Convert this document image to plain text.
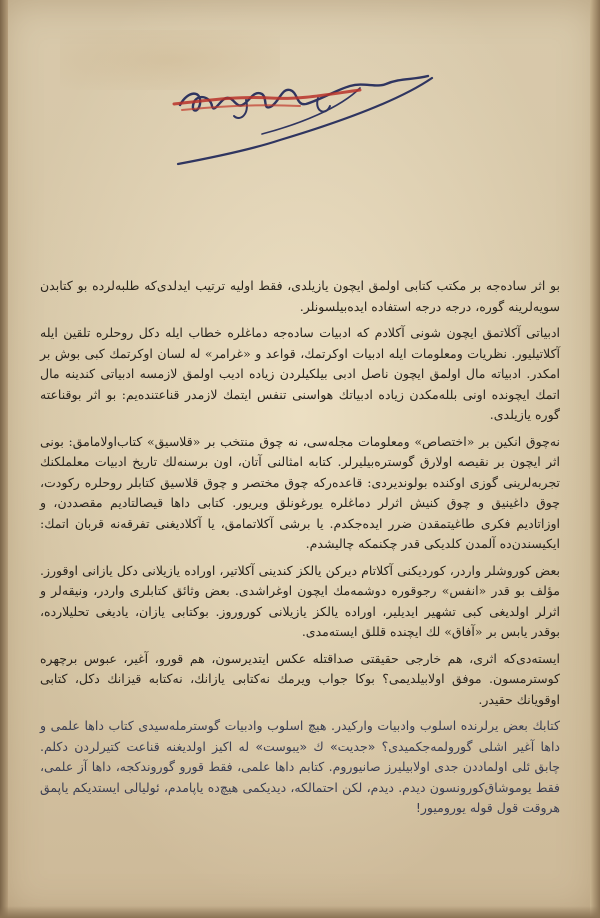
بو اثر ساده‌جه بر مکتب کتابی اولمق ایچون یازیلدی، فقط اولیه ترتیب ایدلدی‌که طلبه‌لرده بو کتابدن سویه‌لرینه گوره، درجه درجه استفاده ایده‌بیلسونلر.

ادبیاتی آکلاتمق ایچون شونی آکلادم که ادبیات ساده‌جه دماغلره خطاب ایله دکل روحلره تلقین ایله آکلاتیلیور. نظریات ومعلومات ایله ادبیات اوکرتمك، قواعد و «غرامر» له لسان اوکرتمك کبی بوش بر امکدر. ادبیاته مال اولمق ایچون ناصل ادبی بیلکیلردن زیاده ادیب اولمق لازمسه ادبیاتی کندینه مال اتمك ایچونده اونی بلله‌مکدن زیاده ادبیاتك هواسنی تنفس ایتمك لازمدر قناعتنده‌یم: بو اثر بوقناعته گوره یازیلدی.

نه‌چوق انکین بر «اختصاص» ومعلومات مجله‌سی، نه چوق منتخب بر «قلاسیق» کتاب‌اولامامق: بونی اثر ایچون بر نقیصه اولارق گوستره‌بیلیرلر. کتابه امثالنی آتان، اون برسنه‌لك تاریخ ادبیات معلملکنك تجربه‌لرینی گوزی اوکنده بولوندیردی: قاعده‌رکه چوق مختصر و چوق قلاسیق کتابلر روحلره رکودت، چوق داغینیق و چوق کنیش اثرلر دماغلره یورغونلق ویریور. کتابی داها قیصالتادیم مقصددن، و اوزاتادیم فکری طاغیتمقدن ضرر ایده‌جکدم. یا برشی آکلاتمامق، یا آکلادیغنی تفرقه‌نه قربان اتمك: ایکیسندن‌ده آلمدن کلدیکی قدر چکنمکه چالیشدم.

بعض کوروشلر واردر، کوردیکنی آکلاتام دیرکن یالکز کندینی آکلاتیر، اوراده یازیلانی دکل یازانی اوقورز. مؤلف بو قدر «انفس» رجوقوره دوشمه‌مك ایچون اوغراشدی. بعض وثائق کتابلری واردر، ونیقه‌لر و اثرلر اولدیغی کبی تشهیر ایدیلیر، اوراده یالکز یازیلانی کوروروز. بوکتابی یازان، یادیغی تحلیلارده، بوقدر یابس بر «آفاق» لك ایچنده قللق ایسته‌مدی.

ایسته‌دی‌که اثری، هم خارجی حقیقتی صداقتله عکس ایتدیرسون، هم قورو، آغیر، عبوس برچهره کوسترمسون. موفق اولابیلدیمی؟ بوکا جواب ویرمك نه‌کتابی یازانك، نه‌کتابه قیزانك دکل، کتابی اوقویانك حقیدر.

کتابك بعض یرلرنده اسلوب وادبیات وارکیدر. هیچ اسلوب وادبیات گوسترمله‌سیدی کتاب داها علمی و داها آغیر اشلی گورولمه‌جکمیدی؟ «جدیت» ك «یبوست» له اکیز اولدیغنه قناعت کتیرلردن دکلم. چابق ئلی اولماددن جدی اولابیلیرز صانیوروم. کتابم داها علمی، فقط قورو گوروندکجه، داها آز علمی، فقط یوموشاق‌کورونسون دیدم. دیدم، لکن احتمالکه، دیدیکمی هیچ‌ده یاپامدم، ئولیالی ایستدیکم یاپمق هروقت قول قوله یورومیور!
